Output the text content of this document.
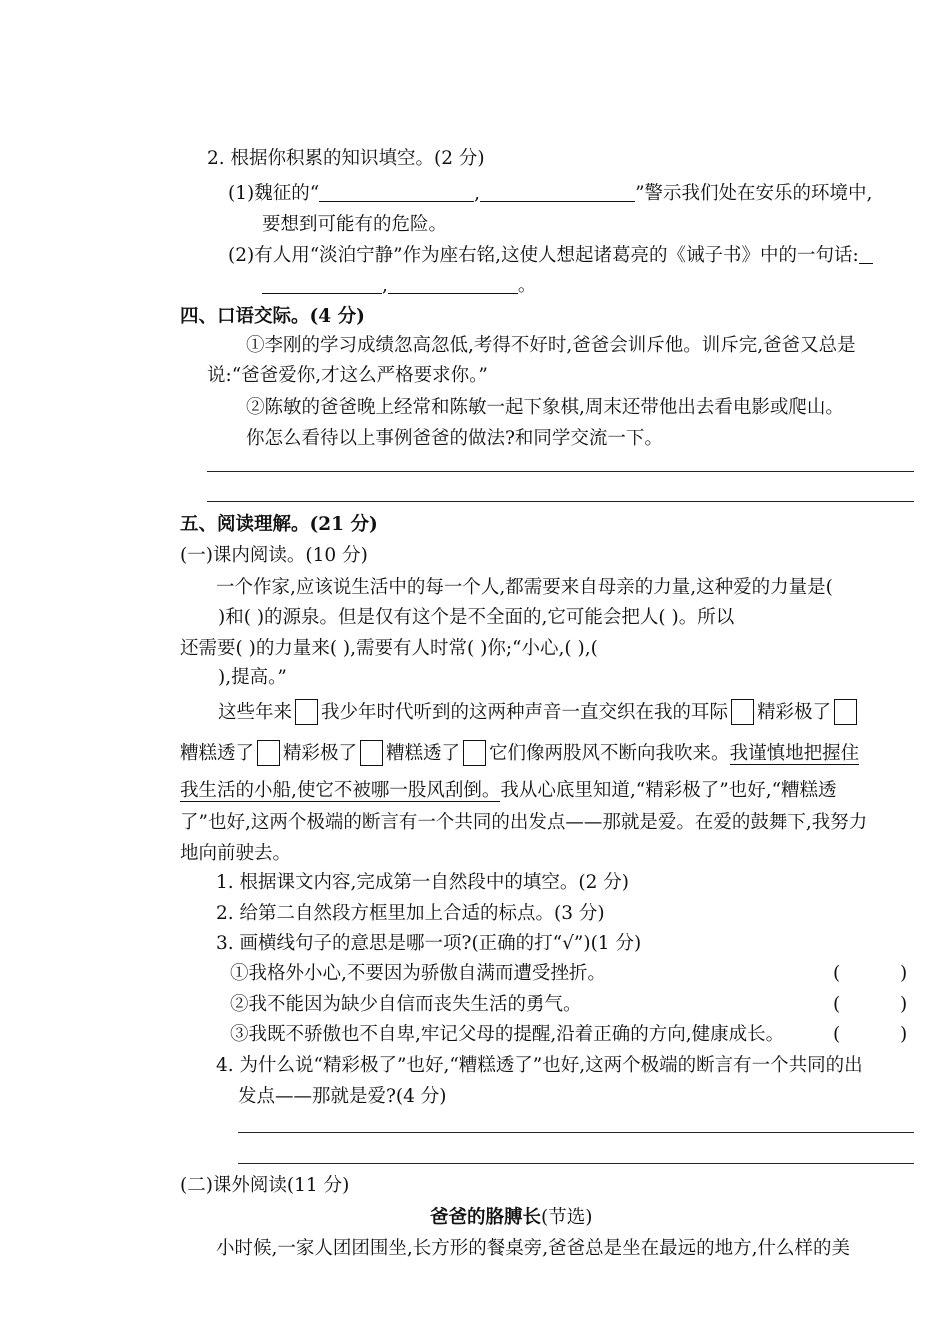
2. 根据你积累的知识填空。(2 分)
(1)魏征的“	,	”警示我们处在安乐的环境中,
要想到可能有的危险。
(2)有人用“淡泊宁静”作为座右铭,这使人想起诸葛亮的《诫子书》中的一句话:
,	。
四、口语交际。(4 分)
①李刚的学习成绩忽高忽低,考得不好时,爸爸会训斥他。训斥完,爸爸又总是
说:“爸爸爱你,才这么严格要求你。”
②陈敏的爸爸晚上经常和陈敏一起下象棋,周末还带他出去看电影或爬山。
你怎么看待以上事例爸爸的做法?和同学交流一下。
五、阅读理解。(21 分)
(一)课内阅读。(10 分)
一个作家,应该说生活中的每一个人,都需要来自母亲的力量,这种爱的力量是(
)和( )的源泉。但是仅有这个是不全面的,它可能会把人( )。所以
还需要( )的力量来( ),需要有人时常( )你;“小心,( ),(
),提高。”
这些年来 我少年时代听到的这两种声音一直交织在我的耳际 精彩极了
糟糕透了 精彩极了 糟糕透了 它们像两股风不断向我吹来。我谨慎地把握住
我生活的小船,使它不被哪一股风刮倒。我从心底里知道,“精彩极了”也好,“糟糕透
了”也好,这两个极端的断言有一个共同的出发点——那就是爱。在爱的鼓舞下,我努力
地向前驶去。
1. 根据课文内容,完成第一自然段中的填空。(2 分)
2. 给第二自然段方框里加上合适的标点。(3 分)
3. 画横线句子的意思是哪一项?(正确的打“√”)(1 分)
①我格外小心,不要因为骄傲自满而遭受挫折。	(	)
②我不能因为缺少自信而丧失生活的勇气。	(	)
③我既不骄傲也不自卑,牢记父母的提醒,沿着正确的方向,健康成长。	(	)
4. 为什么说“精彩极了”也好,“糟糕透了”也好,这两个极端的断言有一个共同的出
发点——那就是爱?(4 分)
(二)课外阅读(11 分)
爸爸的胳膊长(节选)
小时候,一家人团团围坐,长方形的餐桌旁,爸爸总是坐在最远的地方,什么样的美
